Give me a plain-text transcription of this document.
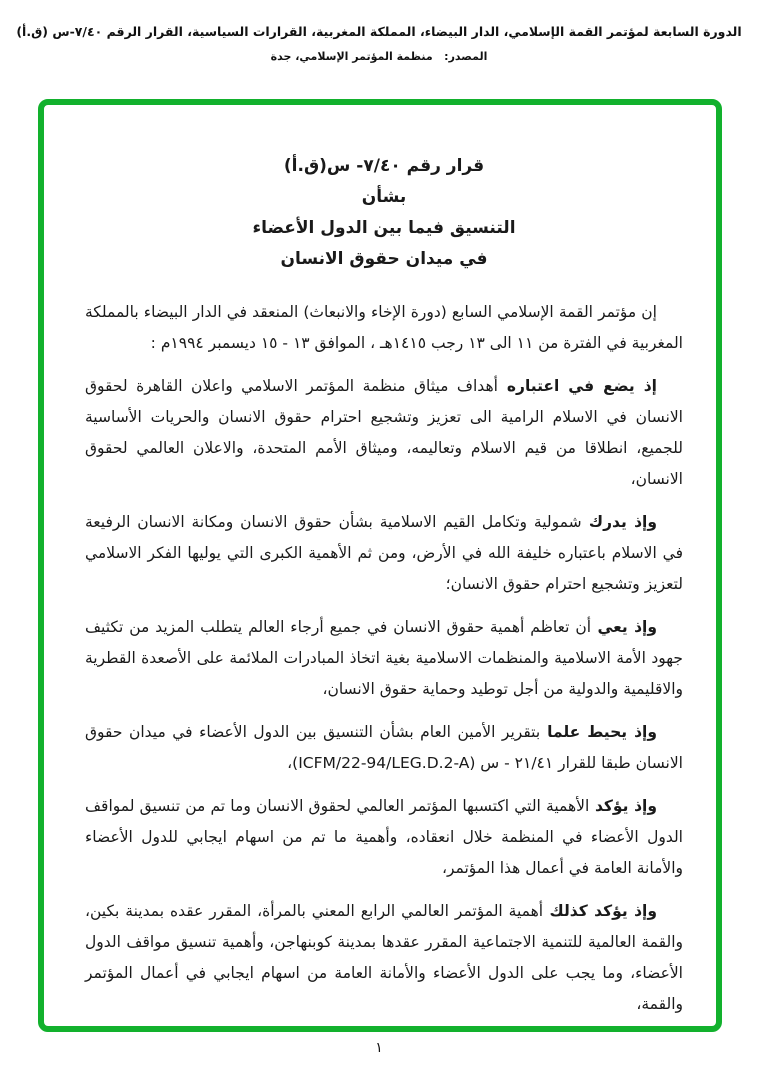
الدورة السابعة لمؤتمر القمة الإسلامي، الدار البيضاء، المملكة المغربية، القرارات السياسية، القرار الرقم ٧/٤٠-س (ق.أ)
المصدر:   منظمة المؤتمر الإسلامي، جدة
قرار رقم ٧/٤٠- س(ق.أ)
بشأن
التنسيق فيما بين الدول الأعضاء
في ميدان حقوق الانسان

إن مؤتمر القمة الإسلامي السابع (دورة الإخاء والانبعاث) المنعقد في الدار البيضاء بالمملكة المغربية في الفترة من ١١ الى ١٣ رجب ١٤١٥هـ ، الموافق ١٣ - ١٥ ديسمبر ١٩٩٤م :

إذ يضع في اعتباره أهداف ميثاق منظمة المؤتمر الاسلامي واعلان القاهرة لحقوق الانسان في الاسلام الرامية الى تعزيز وتشجيع احترام حقوق الانسان والحريات الأساسية للجميع، انطلاقا من قيم الاسلام وتعاليمه، وميثاق الأمم المتحدة، والاعلان العالمي لحقوق الانسان،

وإذ يدرك شمولية وتكامل القيم الاسلامية بشأن حقوق الانسان ومكانة الانسان الرفيعة في الاسلام باعتباره خليفة الله في الأرض، ومن ثم الأهمية الكبرى التي يوليها الفكر الاسلامي لتعزيز وتشجيع احترام حقوق الانسان؛

وإذ يعي أن تعاظم أهمية حقوق الانسان في جميع أرجاء العالم يتطلب المزيد من تكثيف جهود الأمة الاسلامية والمنظمات الاسلامية بغية اتخاذ المبادرات الملائمة على الأصعدة القطرية والاقليمية والدولية من أجل توطيد وحماية حقوق الانسان،

وإذ يحيط علما بتقرير الأمين العام بشأن التنسيق بين الدول الأعضاء في ميدان حقوق الانسان طبقا للقرار ٢١/٤١ - س (ICFM/22-94/LEG.D.2-A)،

وإذ يؤكد الأهمية التي اكتسبها المؤتمر العالمي لحقوق الانسان وما تم من تنسيق لمواقف الدول الأعضاء في المنظمة خلال انعقاده، وأهمية ما تم من اسهام ايجابي للدول الأعضاء والأمانة العامة في أعمال هذا المؤتمر،

وإذ يؤكد كذلك أهمية المؤتمر العالمي الرابع المعني بالمرأة، المقرر عقده بمدينة بكين، والقمة العالمية للتنمية الاجتماعية المقرر عقدها بمدينة كوبنهاجن، وأهمية تنسيق مواقف الدول الأعضاء، وما يجب على الدول الأعضاء والأمانة العامة من اسهام ايجابي في أعمال المؤتمر والقمة،

١
